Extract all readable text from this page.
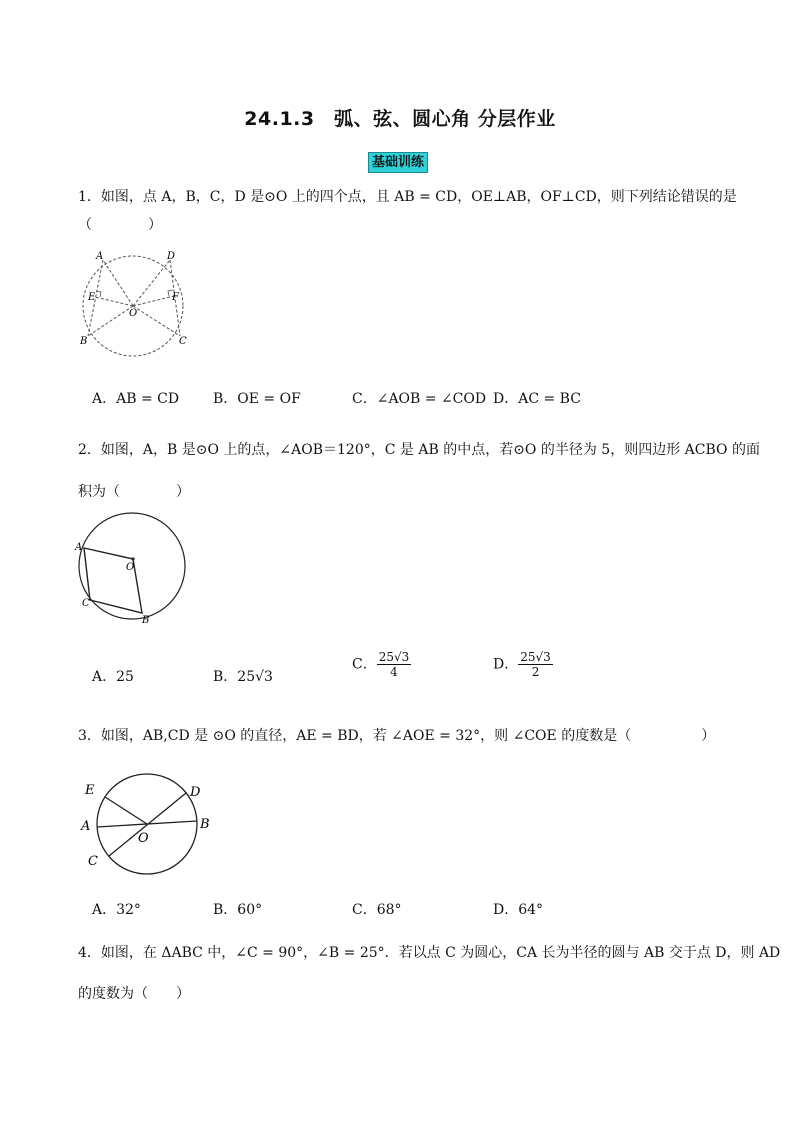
24.1.3　弧、弦、圆心角 分层作业
基础训练
1．如图，点 A，B，C，D 是⊙O 上的四个点，且 AB = CD，OE⊥AB，OF⊥CD，则下列结论错误的是
（　　　　）
A	D
E	F
O
B	C
A．AB = CD B．OE = OF	C．∠AOB = ∠COD D．AC = BC
2．如图，A，B 是⊙O 上的点，∠AOB＝120°，C 是 AB 的中点，若⊙O 的半径为 5，则四边形 ACBO 的面
积为（　　　　）
A
O
C
B
A．25	B．25√3
C． $\frac{25√3}{4}$	D． $\frac{25√3}{2}$
3．如图，AB,CD 是 ⊙O 的直径，AE = BD，若 ∠AOE = 32°，则 ∠COE 的度数是（　　　　　）
E	D
A	B
O
C
A．32°	B．60°	C．68°	D．64°
4．如图，在 ΔABC 中，∠C = 90°，∠B = 25°．若以点 C 为圆心，CA 长为半径的圆与 AB 交于点 D，则 AD
的度数为（　　）
